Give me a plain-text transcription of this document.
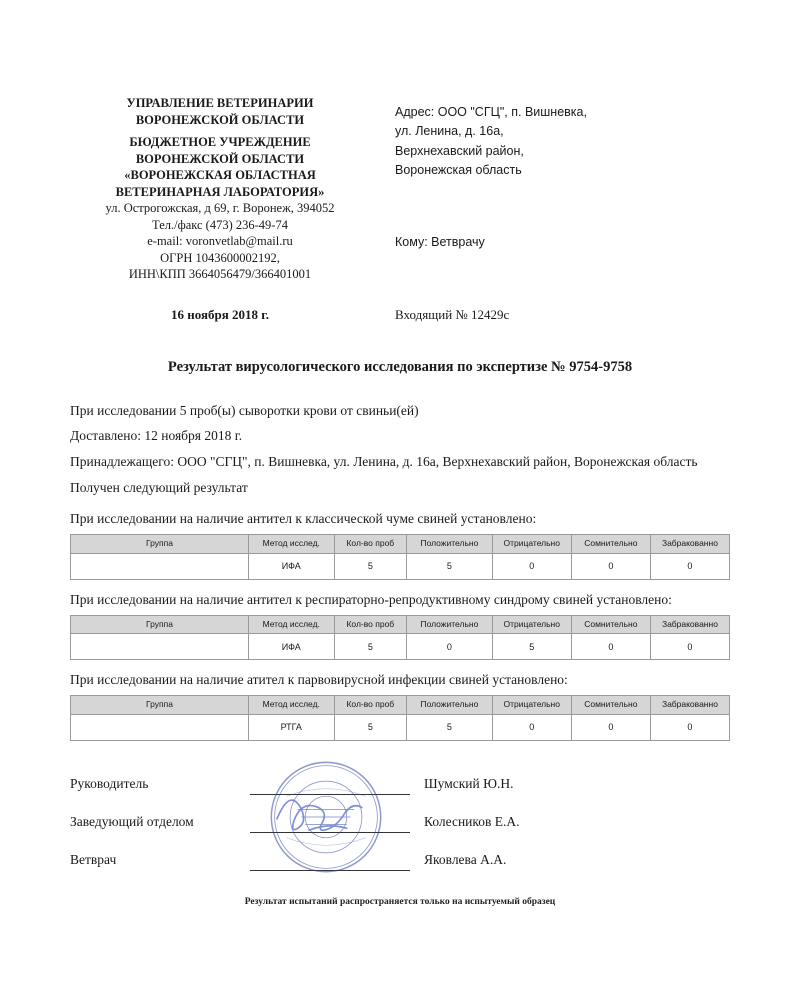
УПРАВЛЕНИЕ ВЕТЕРИНАРИИ
ВОРОНЕЖСКОЙ ОБЛАСТИ
БЮДЖЕТНОЕ УЧРЕЖДЕНИЕ
ВОРОНЕЖСКОЙ ОБЛАСТИ
«ВОРОНЕЖСКАЯ ОБЛАСТНАЯ
ВЕТЕРИНАРНАЯ ЛАБОРАТОРИЯ»
ул. Острогожская, д 69, г. Воронеж, 394052
Тел./факс (473) 236-49-74
e-mail: voronvetlab@mail.ru
ОГРН 1043600002192,
ИНН\КПП 3664056479/366401001
Адрес: ООО "СГЦ", п. Вишневка,
ул. Ленина, д. 16а,
Верхнехавский район,
Воронежская область
Кому: Ветврачу
16 ноября 2018 г.	Входящий № 12429с
Результат вирусологического исследования по экспертизе № 9754-9758

При исследовании 5 проб(ы) сыворотки крови от свиньи(ей)

Доставлено: 12 ноября 2018 г.

Принадлежащего: ООО "СГЦ", п. Вишневка, ул. Ленина, д. 16а, Верхнехавский район, Воронежская область

Получен следующий результат

При исследовании на наличие антител к классической чуме свиней установлено:
Группа	Метод исслед.	Кол-во проб	Положительно	Отрицательно	Сомнительно	Забракованно
	ИФА	5	5	0	0	0
При исследовании на наличие антител к респираторно-репродуктивному синдрому свиней установлено:
Группа	Метод исслед.	Кол-во проб	Положительно	Отрицательно	Сомнительно	Забракованно
	ИФА	5	0	5	0	0
При исследовании на наличие атител к парвовирусной инфекции свиней установлено:
Группа	Метод исслед.	Кол-во проб	Положительно	Отрицательно	Сомнительно	Забракованно
	РТГА	5	5	0	0	0
Руководитель	Шумский Ю.Н.
Заведующий отделом	Колесников Е.А.
Ветврач	Яковлева А.А.
Результат испытаний распространяется только на испытуемый образец
